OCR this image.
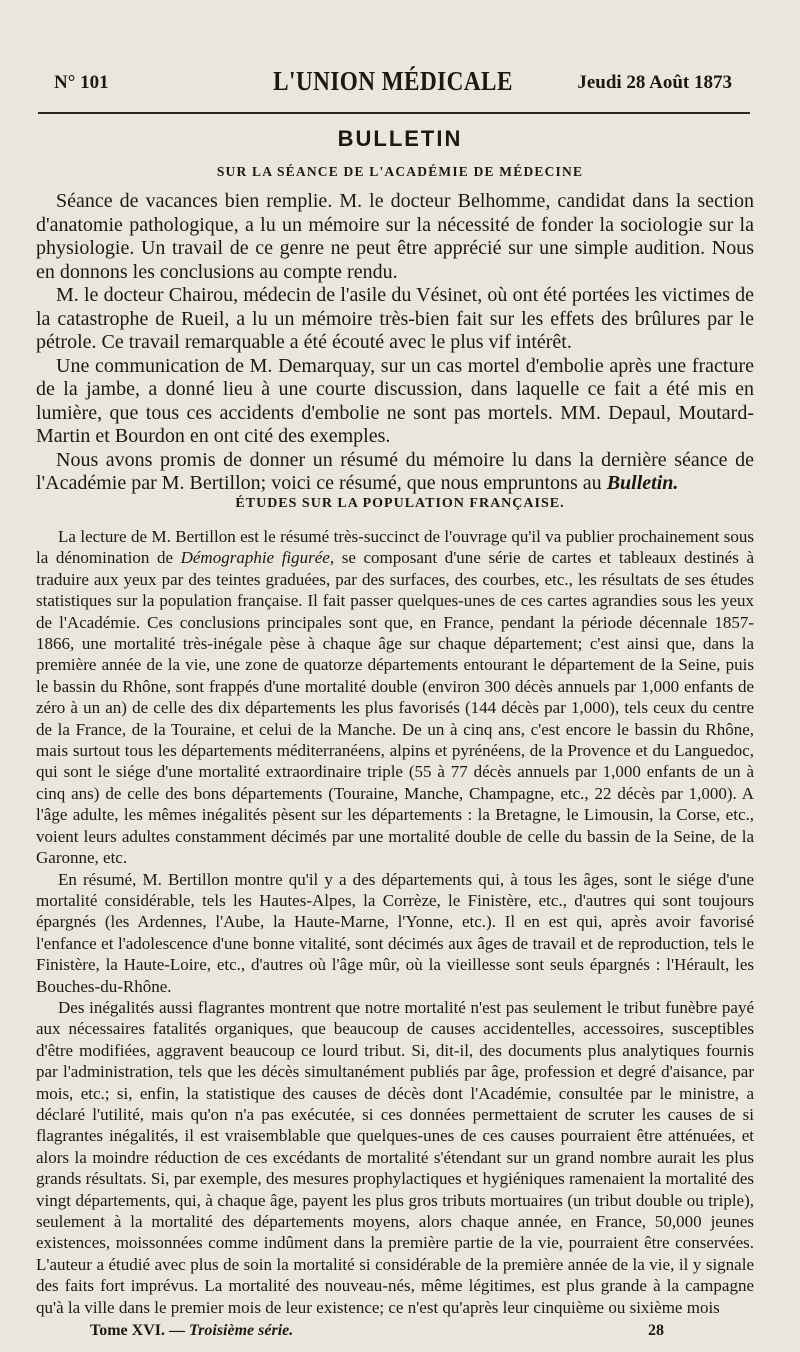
N° 101	L'UNION MÉDICALE	Jeudi 28 Août 1873
BULLETIN
SUR LA SÉANCE DE L'ACADÉMIE DE MÉDECINE

Séance de vacances bien remplie. M. le docteur Belhomme, candidat dans la section d'anatomie pathologique, a lu un mémoire sur la nécessité de fonder la sociologie sur la physiologie. Un travail de ce genre ne peut être apprécié sur une simple audition. Nous en donnons les conclusions au compte rendu.

M. le docteur Chairou, médecin de l'asile du Vésinet, où ont été portées les victimes de la catastrophe de Rueil, a lu un mémoire très-bien fait sur les effets des brûlures par le pétrole. Ce travail remarquable a été écouté avec le plus vif intérêt.

Une communication de M. Demarquay, sur un cas mortel d'embolie après une fracture de la jambe, a donné lieu à une courte discussion, dans laquelle ce fait a été mis en lumière, que tous ces accidents d'embolie ne sont pas mortels. MM. Depaul, Moutard-Martin et Bourdon en ont cité des exemples.

Nous avons promis de donner un résumé du mémoire lu dans la dernière séance de l'Académie par M. Bertillon; voici ce résumé, que nous empruntons au Bulletin.

ÉTUDES SUR LA POPULATION FRANÇAISE.

La lecture de M. Bertillon est le résumé très-succinct de l'ouvrage qu'il va publier prochainement sous la dénomination de Démographie figurée, se composant d'une série de cartes et tableaux destinés à traduire aux yeux par des teintes graduées, par des surfaces, des courbes, etc., les résultats de ses études statistiques sur la population française. Il fait passer quelques-unes de ces cartes agrandies sous les yeux de l'Académie. Ces conclusions principales sont que, en France, pendant la période décennale 1857-1866, une mortalité très-inégale pèse à chaque âge sur chaque département; c'est ainsi que, dans la première année de la vie, une zone de quatorze départements entourant le département de la Seine, puis le bassin du Rhône, sont frappés d'une mortalité double (environ 300 décès annuels par 1,000 enfants de zéro à un an) de celle des dix départements les plus favorisés (144 décès par 1,000), tels ceux du centre de la France, de la Touraine, et celui de la Manche. De un à cinq ans, c'est encore le bassin du Rhône, mais surtout tous les départements méditerranéens, alpins et pyrénéens, de la Provence et du Languedoc, qui sont le siége d'une mortalité extraordinaire triple (55 à 77 décès annuels par 1,000 enfants de un à cinq ans) de celle des bons départements (Touraine, Manche, Champagne, etc., 22 décès par 1,000). A l'âge adulte, les mêmes inégalités pèsent sur les départements : la Bretagne, le Limousin, la Corse, etc., voient leurs adultes constamment décimés par une mortalité double de celle du bassin de la Seine, de la Garonne, etc.

En résumé, M. Bertillon montre qu'il y a des départements qui, à tous les âges, sont le siége d'une mortalité considérable, tels les Hautes-Alpes, la Corrèze, le Finistère, etc., d'autres qui sont toujours épargnés (les Ardennes, l'Aube, la Haute-Marne, l'Yonne, etc.). Il en est qui, après avoir favorisé l'enfance et l'adolescence d'une bonne vitalité, sont décimés aux âges de travail et de reproduction, tels le Finistère, la Haute-Loire, etc., d'autres où l'âge mûr, où la vieillesse sont seuls épargnés : l'Hérault, les Bouches-du-Rhône.

Des inégalités aussi flagrantes montrent que notre mortalité n'est pas seulement le tribut funèbre payé aux nécessaires fatalités organiques, que beaucoup de causes accidentelles, accessoires, susceptibles d'être modifiées, aggravent beaucoup ce lourd tribut. Si, dit-il, des documents plus analytiques fournis par l'administration, tels que les décès simultanément publiés par âge, profession et degré d'aisance, par mois, etc.; si, enfin, la statistique des causes de décès dont l'Académie, consultée par le ministre, a déclaré l'utilité, mais qu'on n'a pas exécutée, si ces données permettaient de scruter les causes de si flagrantes inégalités, il est vraisemblable que quelques-unes de ces causes pourraient être atténuées, et alors la moindre réduction de ces excédants de mortalité s'étendant sur un grand nombre aurait les plus grands résultats. Si, par exemple, des mesures prophylactiques et hygiéniques ramenaient la mortalité des vingt départements, qui, à chaque âge, payent les plus gros tributs mortuaires (un tribut double ou triple), seulement à la mortalité des départements moyens, alors chaque année, en France, 50,000 jeunes existences, moissonnées comme indûment dans la première partie de la vie, pourraient être conservées. L'auteur a étudié avec plus de soin la mortalité si considérable de la première année de la vie, il y signale des faits fort imprévus. La mortalité des nouveau-nés, même légitimes, est plus grande à la campagne qu'à la ville dans le premier mois de leur existence; ce n'est qu'après leur cinquième ou sixième mois

Tome XVI. — Troisième série.	28
